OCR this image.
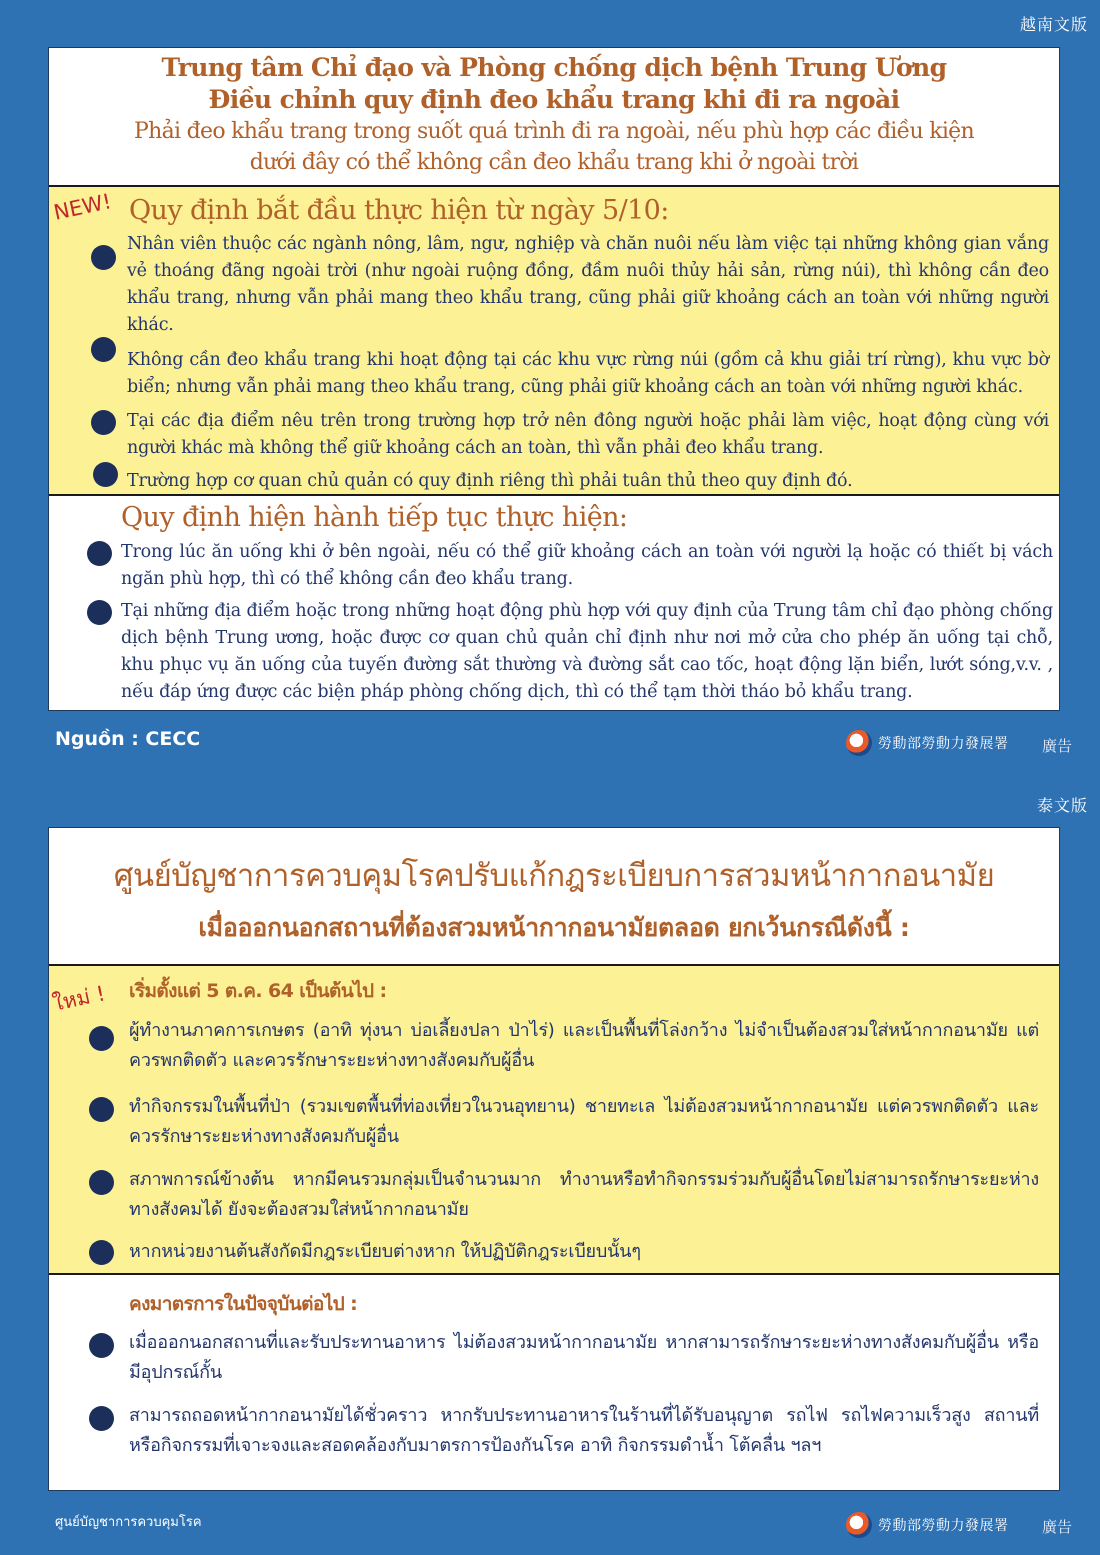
越南文版
Trung tâm Chỉ đạo và Phòng chống dịch bệnh Trung Ương
Điều chỉnh quy định đeo khẩu trang khi đi ra ngoài
Phải đeo khẩu trang trong suốt quá trình đi ra ngoài, nếu phù hợp các điều kiện
dưới đây có thể không cần đeo khẩu trang khi ở ngoài trời
NEW! Quy định bắt đầu thực hiện từ ngày 5/10:
Nhân viên thuộc các ngành nông, lâm, ngư, nghiệp và chăn nuôi nếu làm việc tại những không gian vắng vẻ thoáng đãng ngoài trời (như ngoài ruộng đồng, đầm nuôi thủy hải sản, rừng núi), thì không cần đeo khẩu trang, nhưng vẫn phải mang theo khẩu trang, cũng phải giữ khoảng cách an toàn với những người khác.
Không cần đeo khẩu trang khi hoạt động tại các khu vực rừng núi (gồm cả khu giải trí rừng), khu vực bờ biển; nhưng vẫn phải mang theo khẩu trang, cũng phải giữ khoảng cách an toàn với những người khác.
Tại các địa điểm nêu trên trong trường hợp trở nên đông người hoặc phải làm việc, hoạt động cùng với người khác mà không thể giữ khoảng cách an toàn, thì vẫn phải đeo khẩu trang.
Trường hợp cơ quan chủ quản có quy định riêng thì phải tuân thủ theo quy định đó.
Quy định hiện hành tiếp tục thực hiện:
Trong lúc ăn uống khi ở bên ngoài, nếu có thể giữ khoảng cách an toàn với người lạ hoặc có thiết bị vách ngăn phù hợp, thì có thể không cần đeo khẩu trang.
Tại những địa điểm hoặc trong những hoạt động phù hợp với quy định của Trung tâm chỉ đạo phòng chống dịch bệnh Trung ương, hoặc được cơ quan chủ quản chỉ định như nơi mở cửa cho phép ăn uống tại chỗ, khu phục vụ ăn uống của tuyến đường sắt thường và đường sắt cao tốc, hoạt động lặn biển, lướt sóng,v.v. , nếu đáp ứng được các biện pháp phòng chống dịch, thì có thể tạm thời tháo bỏ khẩu trang.
Nguồn : CECC	勞動部勞動力發展署 廣告
泰文版
ศูนย์บัญชาการควบคุมโรคปรับแก้กฎระเบียบการสวมหน้ากากอนามัย
เมื่อออกนอกสถานที่ต้องสวมหน้ากากอนามัยตลอด ยกเว้นกรณีดังนี้ :
ใหม่ ! เริ่มตั้งแต่ 5 ต.ค. 64 เป็นต้นไป :
ผู้ทำงานภาคการเกษตร (อาทิ ทุ่งนา บ่อเลี้ยงปลา ป่าไร่) และเป็นพื้นที่โล่งกว้าง ไม่จำเป็นต้องสวมใส่หน้ากากอนามัย แต่ควรพกติดตัว และควรรักษาระยะห่างทางสังคมกับผู้อื่น
ทำกิจกรรมในพื้นที่ป่า (รวมเขตพื้นที่ท่องเที่ยวในวนอุทยาน) ชายทะเล ไม่ต้องสวมหน้ากากอนามัย แต่ควรพกติดตัว และควรรักษาระยะห่างทางสังคมกับผู้อื่น
สภาพการณ์ข้างต้น หากมีคนรวมกลุ่มเป็นจำนวนมาก ทำงานหรือทำกิจกรรมร่วมกับผู้อื่นโดยไม่สามารถรักษาระยะห่างทางสังคมได้ ยังจะต้องสวมใส่หน้ากากอนามัย
หากหน่วยงานต้นสังกัดมีกฎระเบียบต่างหาก ให้ปฏิบัติกฎระเบียบนั้นๆ
คงมาตรการในปัจจุบันต่อไป :
เมื่อออกนอกสถานที่และรับประทานอาหาร ไม่ต้องสวมหน้ากากอนามัย หากสามารถรักษาระยะห่างทางสังคมกับผู้อื่น หรือมีอุปกรณ์กั้น
สามารถถอดหน้ากากอนามัยได้ชั่วคราว หากรับประทานอาหารในร้านที่ได้รับอนุญาต รถไฟ รถไฟความเร็วสูง สถานที่หรือกิจกรรมที่เจาะจงและสอดคล้องกับมาตรการป้องกันโรค อาทิ กิจกรรมดำน้ำ โต้คลื่น ฯลฯ
ศูนย์บัญชาการควบคุมโรค	勞動部勞動力發展署 廣告
